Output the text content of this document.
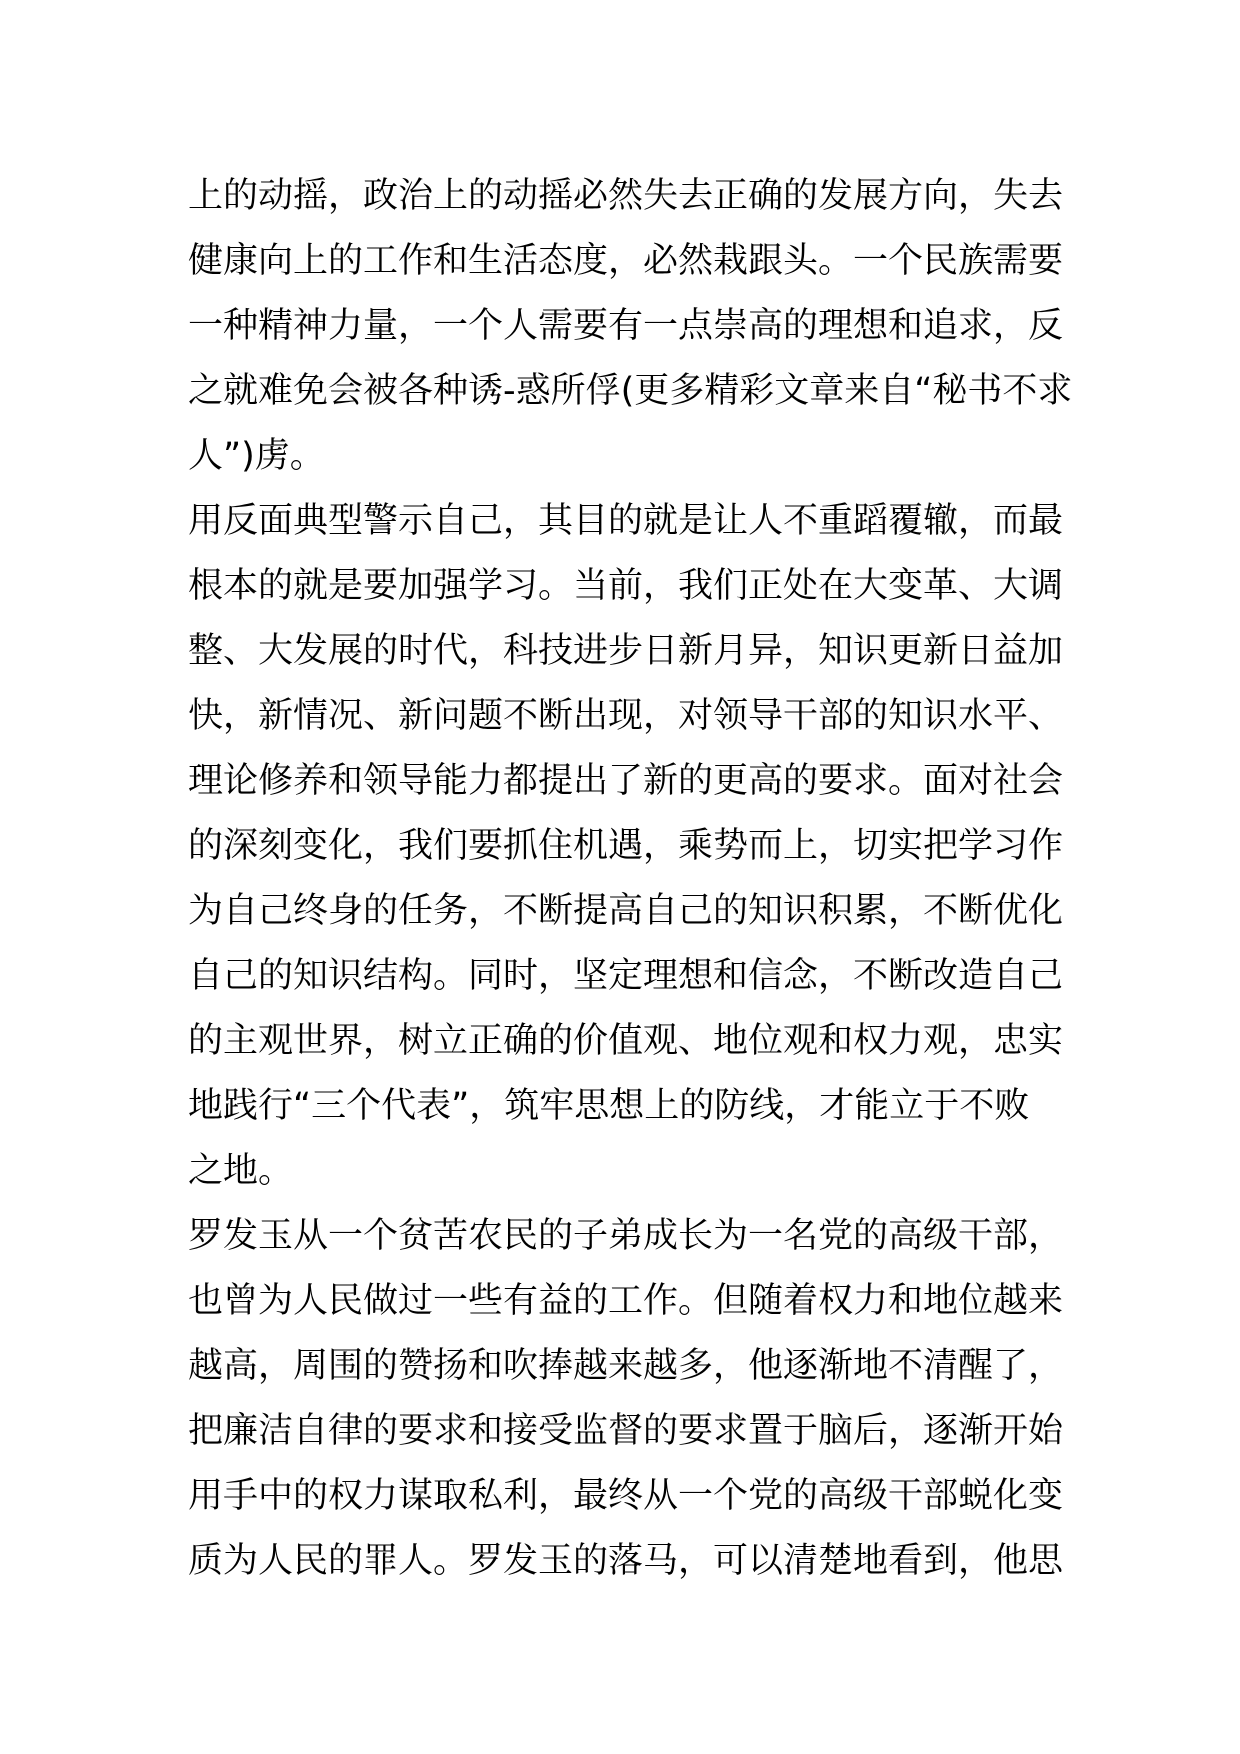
上的动摇，政治上的动摇必然失去正确的发展方向，失去
健康向上的工作和生活态度，必然栽跟头。一个民族需要
一种精神力量，一个人需要有一点崇高的理想和追求，反
之就难免会被各种诱-惑所俘(更多精彩文章来自“秘书不求
人”)虏。
用反面典型警示自己，其目的就是让人不重蹈覆辙，而最
根本的就是要加强学习。当前，我们正处在大变革、大调
整、大发展的时代，科技进步日新月异，知识更新日益加
快，新情况、新问题不断出现，对领导干部的知识水平、
理论修养和领导能力都提出了新的更高的要求。面对社会
的深刻变化，我们要抓住机遇，乘势而上，切实把学习作
为自己终身的任务，不断提高自己的知识积累，不断优化
自己的知识结构。同时，坚定理想和信念，不断改造自己
的主观世界，树立正确的价值观、地位观和权力观，忠实
地践行“三个代表”，筑牢思想上的防线，才能立于不败
之地。
罗发玉从一个贫苦农民的子弟成长为一名党的高级干部，
也曾为人民做过一些有益的工作。但随着权力和地位越来
越高，周围的赞扬和吹捧越来越多，他逐渐地不清醒了，
把廉洁自律的要求和接受监督的要求置于脑后，逐渐开始
用手中的权力谋取私利，最终从一个党的高级干部蜕化变
质为人民的罪人。罗发玉的落马，可以清楚地看到，他思
